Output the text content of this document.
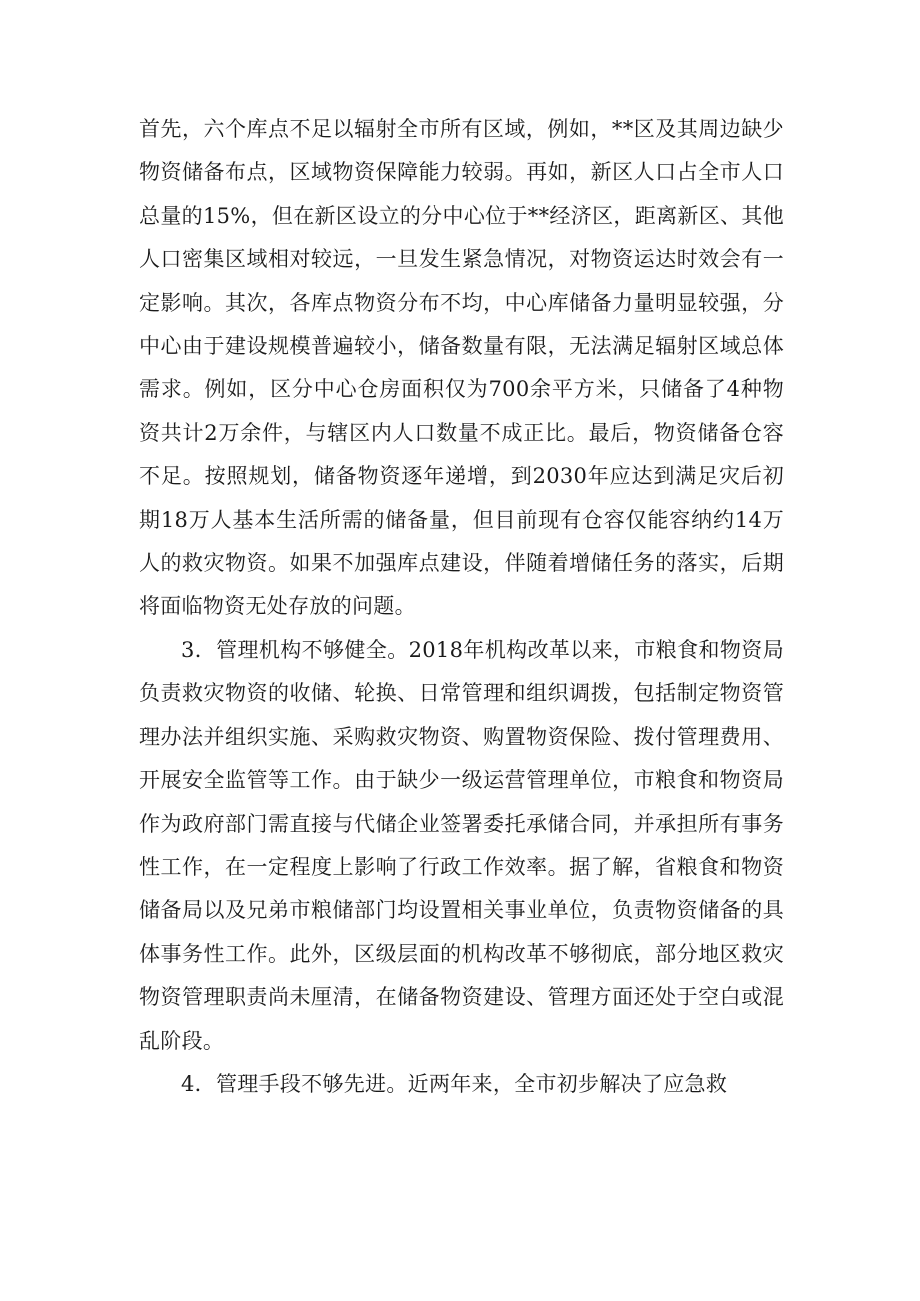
首先，六个库点不足以辐射全市所有区域，例如，**区及其周边缺少物资储备布点，区域物资保障能力较弱。再如，新区人口占全市人口总量的15%，但在新区设立的分中心位于**经济区，距离新区、其他人口密集区域相对较远，一旦发生紧急情况，对物资运达时效会有一定影响。其次，各库点物资分布不均，中心库储备力量明显较强，分中心由于建设规模普遍较小，储备数量有限，无法满足辐射区域总体需求。例如，区分中心仓房面积仅为700余平方米，只储备了4种物资共计2万余件，与辖区内人口数量不成正比。最后，物资储备仓容不足。按照规划，储备物资逐年递增，到2030年应达到满足灾后初期18万人基本生活所需的储备量，但目前现有仓容仅能容纳约14万人的救灾物资。如果不加强库点建设，伴随着增储任务的落实，后期将面临物资无处存放的问题。

3．管理机构不够健全。2018年机构改革以来，市粮食和物资局负责救灾物资的收储、轮换、日常管理和组织调拨，包括制定物资管理办法并组织实施、采购救灾物资、购置物资保险、拨付管理费用、开展安全监管等工作。由于缺少一级运营管理单位，市粮食和物资局作为政府部门需直接与代储企业签署委托承储合同，并承担所有事务性工作，在一定程度上影响了行政工作效率。据了解，省粮食和物资储备局以及兄弟市粮储部门均设置相关事业单位，负责物资储备的具体事务性工作。此外，区级层面的机构改革不够彻底，部分地区救灾物资管理职责尚未厘清，在储备物资建设、管理方面还处于空白或混乱阶段。

4．管理手段不够先进。近两年来，全市初步解决了应急救
